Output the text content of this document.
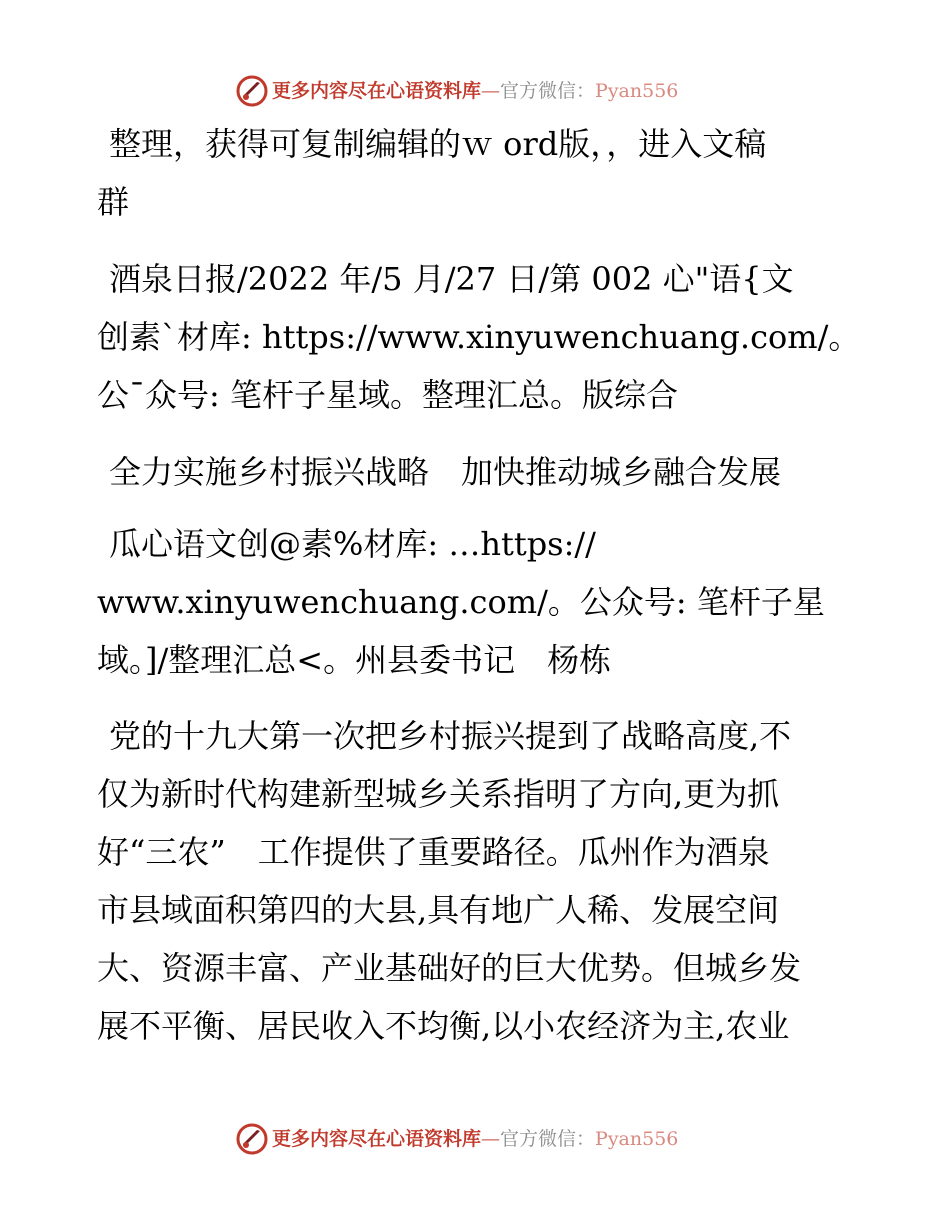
更多内容尽在心语资料库—官方微信：Pyan556
整理，获得可复制编辑的ｗ ord版，，进入文稿
群
酒泉日报/2022 年/5 月/27 日/第 002 心"语{文
创素`材库: https://www.xinyuwenchuang.com/。
公¯众号: 笔杆子星域。整理汇总。版综合
全力实施乡村振兴战略　加快推动城乡融合发展
瓜心语文创@素%材库: …https://
www.xinyuwenchuang.com/。公众号: 笔杆子星
域。]/整理汇总<。州县委书记　杨栋
党的十九大第一次把乡村振兴提到了战略高度,不
仅为新时代构建新型城乡关系指明了方向,更为抓
好“三农”　工作提供了重要路径。瓜州作为酒泉
市县域面积第四的大县,具有地广人稀、发展空间
大、资源丰富、产业基础好的巨大优势。但城乡发
展不平衡、居民收入不均衡,以小农经济为主,农业
更多内容尽在心语资料库—官方微信：Pyan556
